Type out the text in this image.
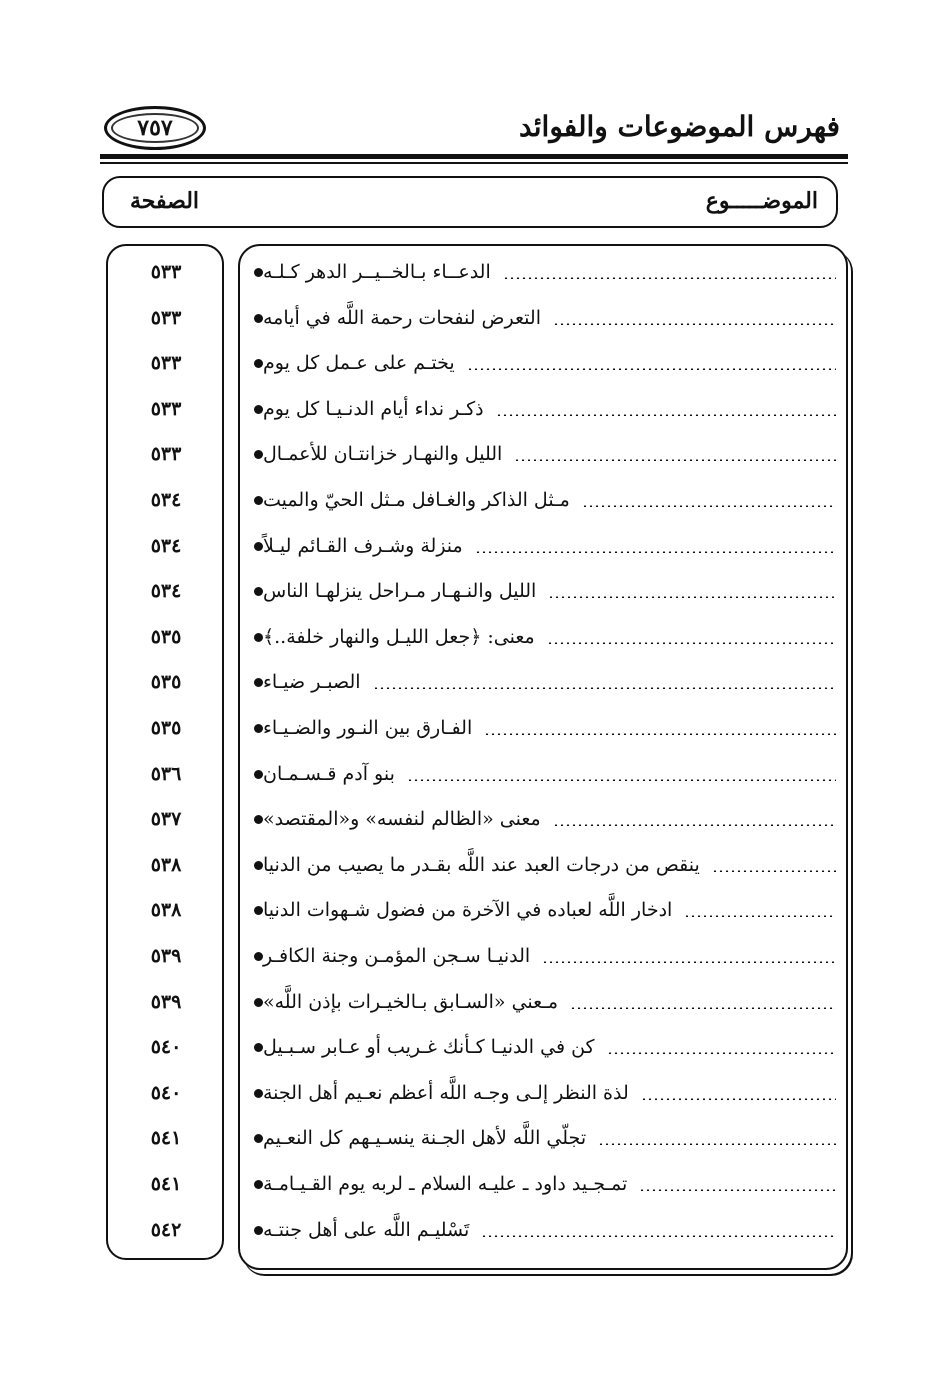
فهرس الموضوعات والفوائد
٧٥٧
الموضـــــوع
الصفحة
الدعــاء بـالخــيــر الدهر كـلـه
٥٣٣
التعرض لنفحات رحمة اللَّه في أيامه
٥٣٣
يختـم على عـمل كل يوم
٥٣٣
ذكـر نداء أيام الدنـيـا كل يوم
٥٣٣
الليل والنهـار خزانتـان للأعمـال
٥٣٣
مـثل الذاكر والغـافل مـثل الحيّ والميت
٥٣٤
منزلة وشـرف القـائم ليـلاً
٥٣٤
الليل والنـهـار مـراحل ينزلهـا الناس
٥٣٤
معنى: ﴿جعل الليـل والنهار خلفة..﴾
٥٣٥
الصبـر ضيـاء
٥٣٥
الفـارق بين النـور والضـيـاء
٥٣٥
بنو آدم قـسـمـان
٥٣٦
معنى «الظالم لنفسه» و«المقتصد»
٥٣٧
ينقص من درجات العبد عند اللَّه بقـدر ما يصيب من الدنيا
٥٣٨
ادخار اللَّه لعباده في الآخرة من فضول شـهوات الدنيا
٥٣٨
الدنيـا سـجن المؤمـن وجنة الكافـر
٥٣٩
مـعني «السـابق بـالخيـرات بإذن اللَّه»
٥٣٩
كن في الدنيـا كـأنك غـريب أو عـابر سـبـيل
٥٤٠
لذة النظر إلـى وجـه اللَّه أعظم نعـيم أهل الجنة
٥٤٠
تجلّي اللَّه لأهل الجـنة ينسـيـهم كل النعـيم
٥٤١
تمـجـيد داود ـ عليـه السلام ـ لربه يوم القـيـامـة
٥٤١
تَسْليـم اللَّه على أهل جنتـه
٥٤٢
